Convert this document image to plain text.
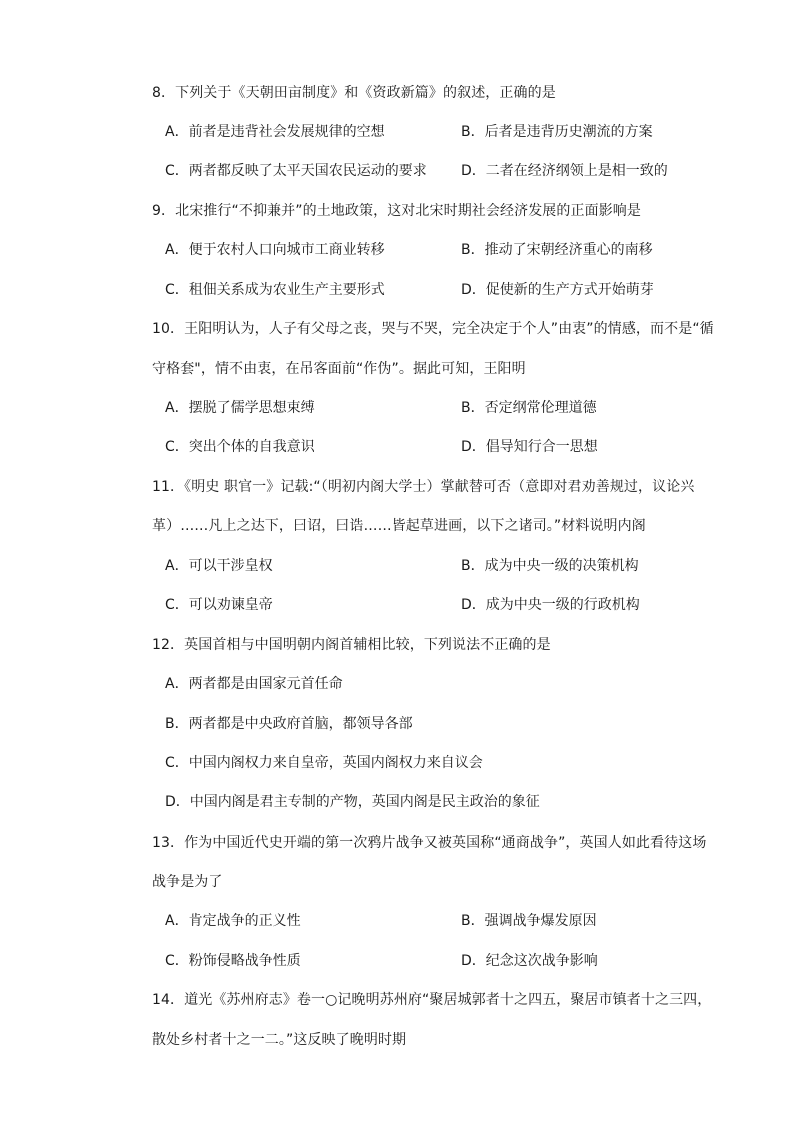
8．下列关于《天朝田亩制度》和《资政新篇》的叙述，正确的是
A．前者是违背社会发展规律的空想	B．后者是违背历史潮流的方案
C．两者都反映了太平天国农民运动的要求 D．二者在经济纲领上是相一致的
9．北宋推行“不抑兼并”的土地政策，这对北宋时期社会经济发展的正面影响是
A．便于农村人口向城市工商业转移	B．推动了宋朝经济重心的南移
C．租佃关系成为农业生产主要形式	D．促使新的生产方式开始萌芽
10．王阳明认为，人子有父母之丧，哭与不哭，完全决定于个人”由衷”的情感，而不是“循
守格套"，情不由衷，在吊客面前“作伪”。据此可知，王阳明
A．摆脱了儒学思想束缚	B．否定纲常伦理道德
C．突出个体的自我意识	D．倡导知行合一思想
11．《明史 职官一》记载:“（明初内阁大学士）掌献替可否（意即对君劝善规过，议论兴
革）……凡上之达下，曰诏，曰诰……皆起草进画，以下之诸司。”材料说明内阁
A．可以干涉皇权	B．成为中央一级的决策机构
C．可以劝谏皇帝	D．成为中央一级的行政机构
12．英国首相与中国明朝内阁首辅相比较，下列说法不正确的是
A．两者都是由国家元首任命
B．两者都是中央政府首脑，都领导各部
C．中国内阁权力来自皇帝，英国内阁权力来自议会
D．中国内阁是君主专制的产物，英国内阁是民主政治的象征
13．作为中国近代史开端的第一次鸦片战争又被英国称“通商战争”，英国人如此看待这场
战争是为了
A．肯定战争的正义性	B．强调战争爆发原因
C．粉饰侵略战争性质	D．纪念这次战争影响
14．道光《苏州府志》卷一○记晚明苏州府“聚居城郭者十之四五，聚居市镇者十之三四，
散处乡村者十之一二。”这反映了晚明时期
